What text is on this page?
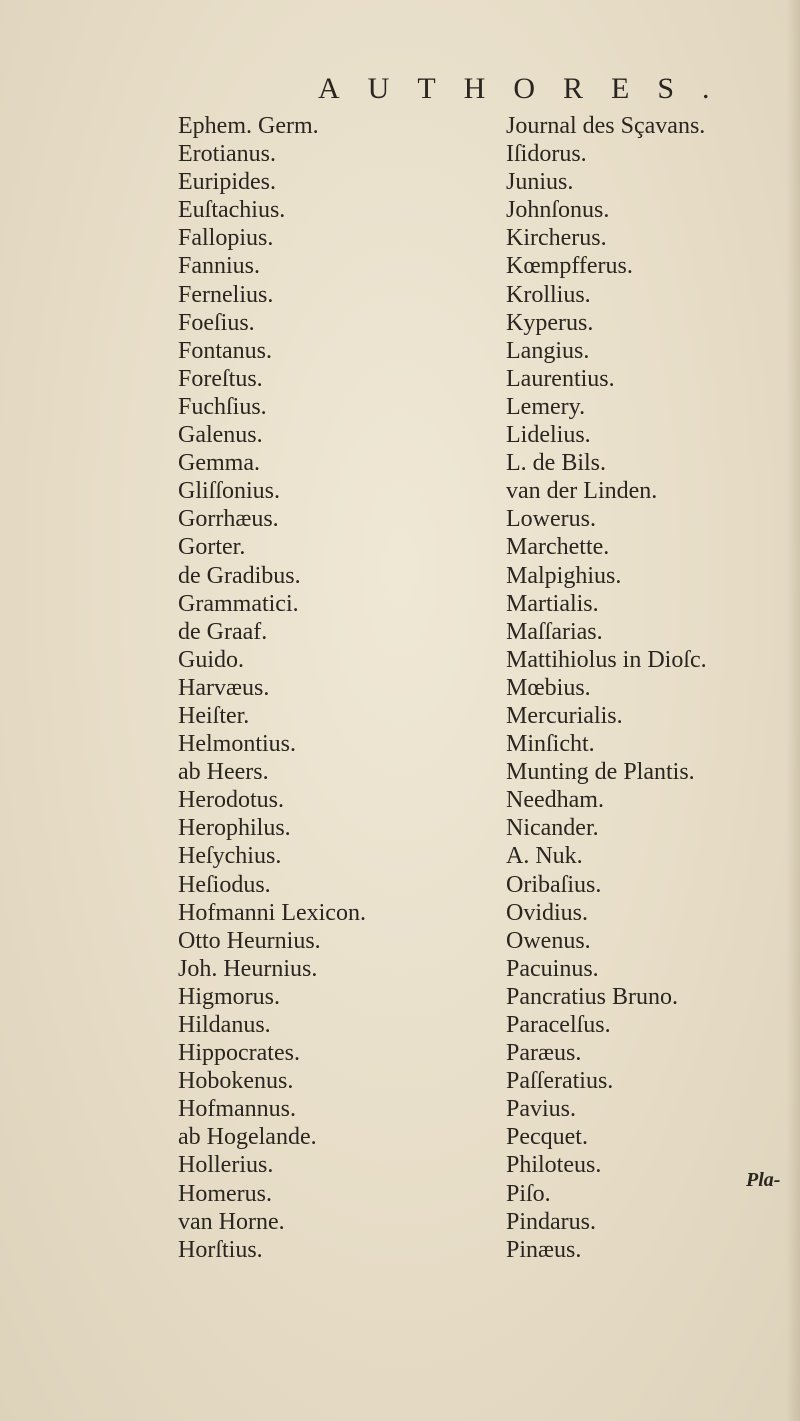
AUTHORES.
Ephem. Germ.
Erotianus.
Euripides.
Euſtachius.
Fallopius.
Fannius.
Fernelius.
Foeſius.
Fontanus.
Foreſtus.
Fuchſius.
Galenus.
Gemma.
Gliſſonius.
Gorrhæus.
Gorter.
de Gradibus.
Grammatici.
de Graaf.
Guido.
Harvæus.
Heiſter.
Helmontius.
ab Heers.
Herodotus.
Herophilus.
Heſychius.
Heſiodus.
Hofmanni Lexicon.
Otto Heurnius.
Joh. Heurnius.
Higmorus.
Hildanus.
Hippocrates.
Hobokenus.
Hofmannus.
ab Hogelande.
Hollerius.
Homerus.
van Horne.
Horſtius.
Journal des Sçavans.
Iſidorus.
Junius.
Johnſonus.
Kircherus.
Kœmpfferus.
Krollius.
Kyperus.
Langius.
Laurentius.
Lemery.
Lidelius.
L. de Bils.
van der Linden.
Lowerus.
Marchette.
Malpighius.
Martialis.
Maſſarias.
Mattihiolus in Dioſc.
Mœbius.
Mercurialis.
Minſicht.
Munting de Plantis.
Needham.
Nicander.
A. Nuk.
Oribaſius.
Ovidius.
Owenus.
Pacuinus.
Pancratius Bruno.
Paracelſus.
Paræus.
Paſſeratius.
Pavius.
Pecquet.
Philoteus.
Piſo.
Pindarus.
Pinæus.
Pla-
